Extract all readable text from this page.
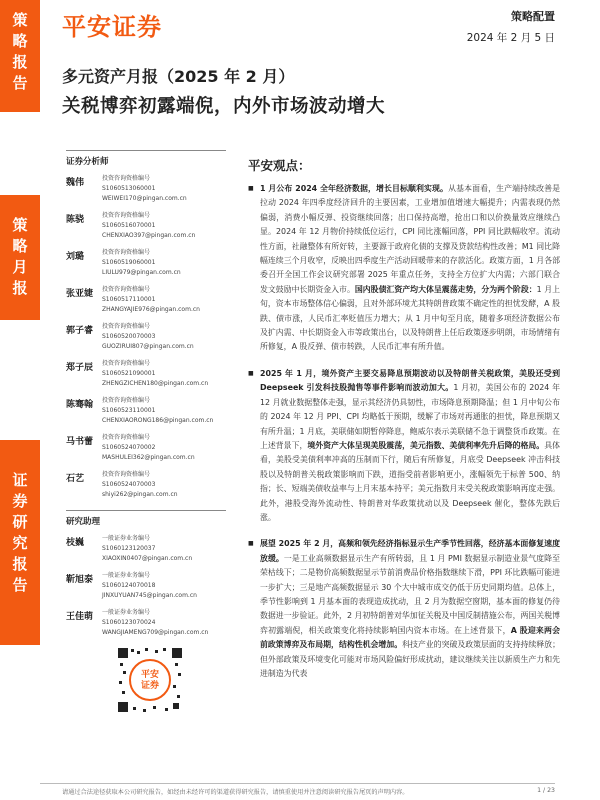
策略报告
策略月报
证券研究报告
平安证券	策略配置
2024 年 2 月 5 日
多元资产月报（2025 年 2 月）
关税博弈初露端倪，内外市场波动增大
证券分析师
魏伟	投资咨询资格编号
S1060513060001
WEIWEI170@pingan.com.cn
陈骁	投资咨询资格编号
S1060516070001
CHENXIAO397@pingan.com.cn
刘璐	投资咨询资格编号
S1060519060001
LIULU979@pingan.com.cn
张亚婕	投资咨询资格编号
S1060517110001
ZHANGYAJIE976@pingan.com.cn
郭子睿	投资咨询资格编号
S1060520070003
GUOZIRUI807@pingan.com.cn
郑子辰	投资咨询资格编号
S1060521090001
ZHENGZICHEN180@pingan.com.cn
陈骞翰	投资咨询资格编号
S1060523110001
CHENXIAORONG186@pingan.com.cn
马书蕾	投资咨询资格编号
S1060524070002
MASHULEI362@pingan.com.cn
石艺	投资咨询资格编号
S1060524070003
shiyi262@pingan.com.cn
研究助理
枝巍	一般证券业务编号
S1060123120037
XIAOXIN0407@pingan.com.cn
靳旭泰	一般证券业务编号
S1060124070018
JINXUYUAN745@pingan.com.cn
王佳萌	一般证券业务编号
S1060123070024
WANGJIAMENG709@pingan.com.cn
平安
证券
平安观点：
■ 1 月公布 2024 全年经济数据，增长目标顺利实现。从基本面看，生产端持续改善是拉动 2024 年四季度经济回升的主要因素，工业增加值增速大幅提升；内需表现仍然偏弱，消费小幅反弹、投资继续回落；出口保持高增，抢出口和以价换量效应继续凸显。2024 年 12 月物价持续低位运行，CPI 同比涨幅回落，PPI 同比跌幅收窄。流动性方面，社融整体有所好转，主要源于政府化债的支撑及贷款结构性改善；M1 同比降幅连续三个月收窄，反映出四季度生产活动回暖带来的存款活化。政策方面，1 月各部委召开全国工作会议研究部署 2025 年重点任务，支持全方位扩大内需；六部门联合发文鼓励中长期资金入市。国内股债汇资产均大体呈震荡走势，分为两个阶段：1 月上旬，资本市场整体信心偏弱，且对外部环境尤其特朗普政策不确定性的担忧发酵，A 股跌、债市涨，人民币汇率贬值压力增大；从 1 月中旬至月底，随着多项经济数据公布及扩内需、中长期资金入市等政策出台，以及特朗普上任后政策逐步明朗，市场情绪有所修复，A 股反弹、债市转跌，人民币汇率有所升值。
■ 2025 年 1 月，境外资产主要交易降息预期波动以及特朗普关税政策，美股还受到 Deepseek 引发科技股抛售等事件影响而波动加大。1 月初，美国公布的 2024 年 12 月就业数据整体走强，显示其经济仍具韧性，市场降息预期降温；但 1 月中旬公布的 2024 年 12 月 PPI、CPI 均略低于预期，缓解了市场对再通胀的担忧，降息预期又有所升温；1 月底，美联储如期暂停降息，鲍威尔表示美联储不急于调整货币政策。在上述背景下，境外资产大体呈现美股震荡，美元指数、美债利率先升后降的格局。具体看，美股受美债利率冲高的压制而下行，随后有所修复，月底受 Deepseek 冲击科技股以及特朗普关税政策影响而下跌，道指受前者影响更小，涨幅领先于标普 500、纳指；长、短端美债收益率与上月末基本持平；美元指数月末受关税政策影响再度走强。此外，港股受海外流动性、特朗普对华政策扰动以及 Deepseek 催化，整体先跌后涨。
■ 展望 2025 年 2 月，高频和领先经济指标显示生产季节性回落，经济基本面修复速度放缓。一是工业高频数据显示生产有所转弱，且 1 月 PMI 数据显示制造业景气度降至荣枯线下；二是物价高频数据显示节前消费品价格指数继续下滑，PPI 环比跌幅可能进一步扩大；三是地产高频数据显示 30 个大中城市成交仍低于历史同期均值。总体上，季节性影响到 1 月基本面的表现造成扰动，且 2 月为数据空窗期，基本面的修复仍待数据进一步验证。此外，2 月初特朗普对华加征关税及中国反制措施公布，两国关税博弈初露端倪，相关政策变化将持续影响国内资本市场。在上述背景下，A 股迎来两会前政策博弈及布局期，结构性机会增加。科技产业的突破及政策层面的支持持续释放；但外部政策及环境变化可能对市场风险偏好形成扰动，建议继续关注以新质生产力和先进制造为代表
请通过合法途径获取本公司研究报告，如经由未经许可的渠道获得研究报告，请慎重使用并注意阅读研究报告尾页的声明内容。	1 / 23
